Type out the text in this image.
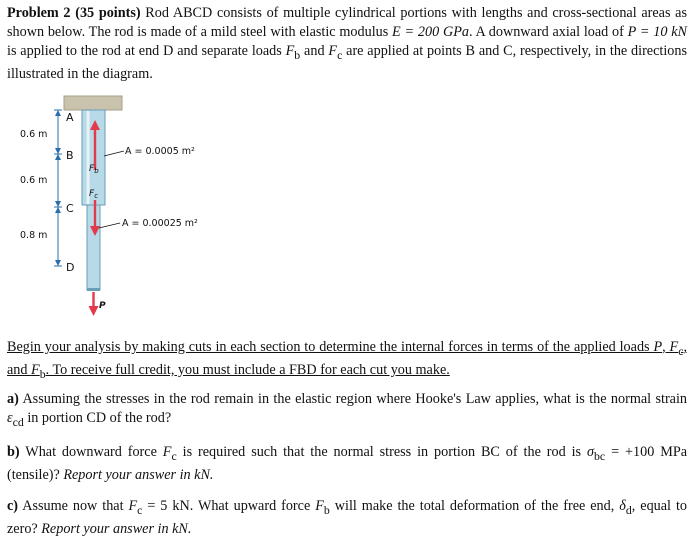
Problem 2 (35 points) Rod ABCD consists of multiple cylindrical portions with lengths and cross-sectional areas as shown below. The rod is made of a mild steel with elastic modulus E = 200 GPa. A downward axial load of P = 10 kN is applied to the rod at end D and separate loads $F_b$ and $F_c$ are applied at points B and C, respectively, in the directions illustrated in the diagram.
$F_b$
$F_c$
P
A
B
C
D
0.6 m
0.6 m
0.8 m
A = 0.0005 m²
A = 0.00025 m²
Begin your analysis by making cuts in each section to determine the internal forces in terms of the applied loads P, $F_c$, and $F_b$. To receive full credit, you must include a FBD for each cut you make.
a) Assuming the stresses in the rod remain in the elastic region where Hooke's Law applies, what is the normal strain $\varepsilon_{cd}$ in portion CD of the rod?
b) What downward force $F_c$ is required such that the normal stress in portion BC of the rod is $\sigma_{bc} = +100$ MPa (tensile)? Report your answer in kN.
c) Assume now that $F_c = 5$ kN. What upward force $F_b$ will make the total deformation of the free end, $\delta_d$, equal to zero? Report your answer in kN.
